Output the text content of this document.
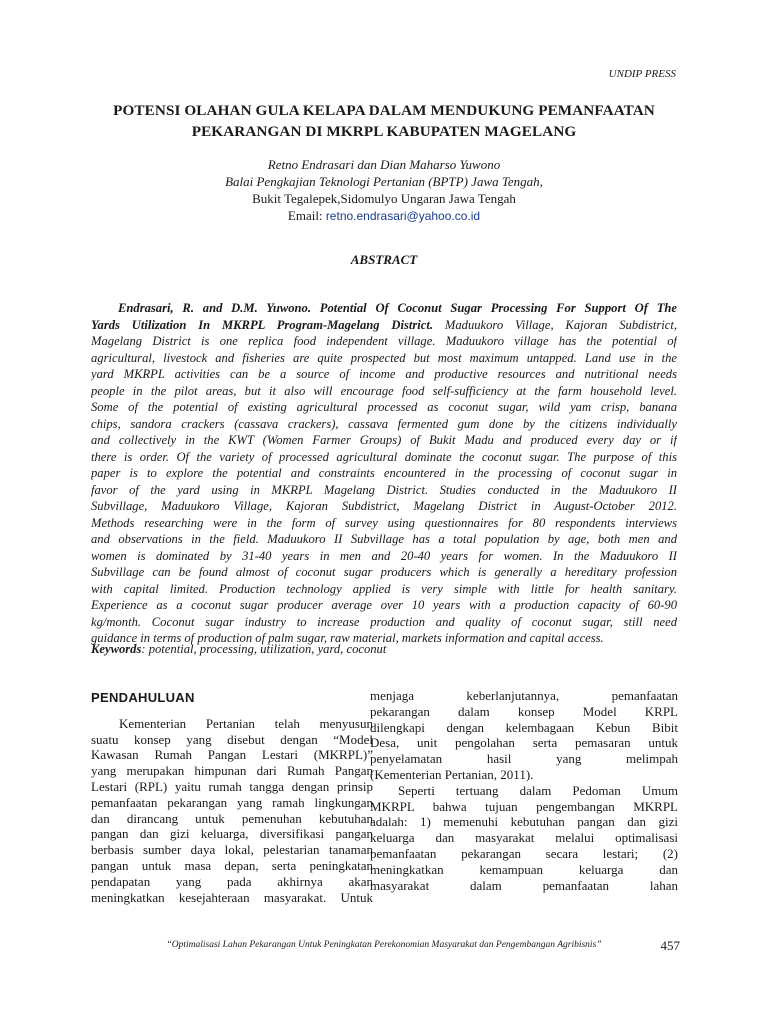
UNDIP PRESS
POTENSI OLAHAN GULA KELAPA DALAM MENDUKUNG PEMANFAATAN
PEKARANGAN DI MKRPL KABUPATEN MAGELANG
Retno Endrasari dan Dian Maharso Yuwono
Balai Pengkajian Teknologi Pertanian (BPTP) Jawa Tengah,
Bukit Tegalepek,Sidomulyo Ungaran Jawa Tengah
Email: retno.endrasari@yahoo.co.id
ABSTRACT
Endrasari, R. and D.M. Yuwono. Potential Of Coconut Sugar Processing For Support Of The
Yards Utilization In MKRPL Program-Magelang District. Maduukoro Village, Kajoran Subdistrict,
Magelang District is one replica food independent village. Maduukoro village has the potential of
agricultural, livestock and fisheries are quite prospected but most maximum untapped. Land use in the
yard MKRPL activities can be a source of income and productive resources and nutritional needs
people in the pilot areas, but it also will encourage food self-sufficiency at the farm household level.
Some of the potential of existing agricultural processed as coconut sugar, wild yam crisp, banana
chips, sandora crackers (cassava crackers), cassava fermented gum done by the citizens individually
and collectively in the KWT (Women Farmer Groups) of Bukit Madu and produced every day or if
there is order. Of the variety of processed agricultural dominate the coconut sugar. The purpose of this
paper is to explore the potential and constraints encountered in the processing of coconut sugar in
favor of the yard using in MKRPL Magelang District. Studies conducted in the Maduukoro II
Subvillage, Maduukoro Village, Kajoran Subdistrict, Magelang District in August-October 2012.
Methods researching were in the form of survey using questionnaires for 80 respondents interviews
and observations in the field. Maduukoro II Subvillage has a total population by age, both men and
women is dominated by 31-40 years in men and 20-40 years for women. In the Maduukoro II
Subvillage can be found almost of coconut sugar producers which is generally a hereditary profession
with capital limited. Production technology applied is very simple with little for health sanitary.
Experience as a coconut sugar producer average over 10 years with a production capacity of 60-90
kg/month. Coconut sugar industry to increase production and quality of coconut sugar, still need
guidance in terms of production of palm sugar, raw material, markets information and capital access.
Keywords: potential, processing, utilization, yard, coconut
PENDAHULUAN
Kementerian Pertanian telah menyusun
suatu konsep yang disebut dengan “Model
Kawasan Rumah Pangan Lestari (MKRPL)”
yang merupakan himpunan dari Rumah Pangan
Lestari (RPL) yaitu rumah tangga dengan prinsip
pemanfaatan pekarangan yang ramah lingkungan
dan dirancang untuk pemenuhan kebutuhan
pangan dan gizi keluarga, diversifikasi pangan
berbasis sumber daya lokal, pelestarian tanaman
pangan untuk masa depan, serta peningkatan
pendapatan yang pada akhirnya akan
meningkatkan kesejahteraan masyarakat. Untuk
menjaga keberlanjutannya, pemanfaatan
pekarangan dalam konsep Model KRPL
dilengkapi dengan kelembagaan Kebun Bibit
Desa, unit pengolahan serta pemasaran untuk
penyelamatan hasil yang melimpah
(Kementerian Pertanian, 2011).
Seperti tertuang dalam Pedoman Umum
MKRPL bahwa tujuan pengembangan MKRPL
adalah: 1) memenuhi kebutuhan pangan dan gizi
keluarga dan masyarakat melalui optimalisasi
pemanfaatan pekarangan secara lestari; (2)
meningkatkan kemampuan keluarga dan
masyarakat dalam pemanfaatan lahan
“Optimalisasi Lahan Pekarangan Untuk Peningkatan Perekonomian Masyarakat dan Pengembangan Agribisnis”	457
